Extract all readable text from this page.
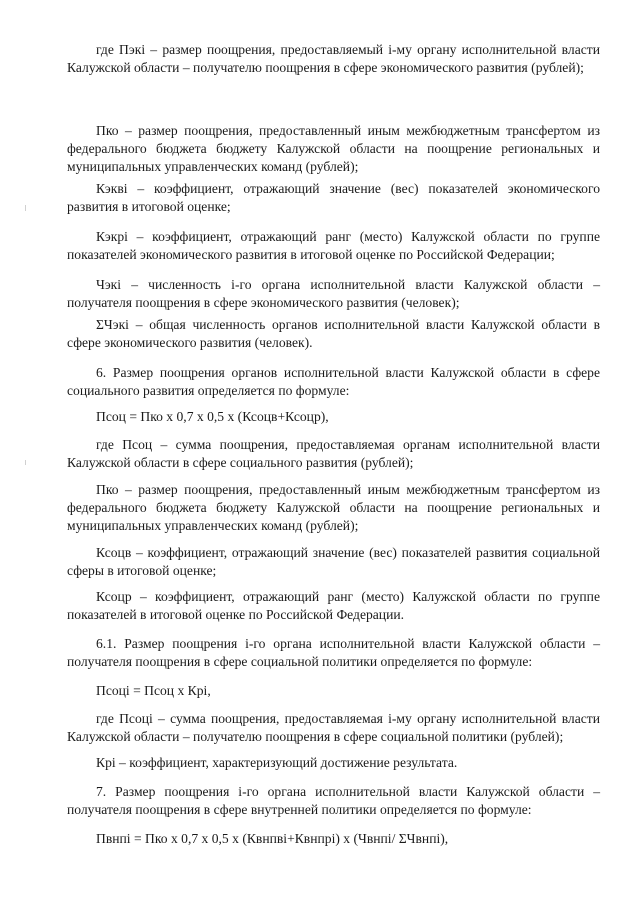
где Пэкі – размер поощрения, предоставляемый і-му органу исполнительной власти Калужской области – получателю поощрения в сфере экономического развития (рублей);

Пко – размер поощрения, предоставленный иным межбюджетным трансфертом из федерального бюджета бюджету Калужской области на поощрение региональных и муниципальных управленческих команд (рублей);

Кэкві – коэффициент, отражающий значение (вес) показателей экономического развития в итоговой оценке;

Кэкрі – коэффициент, отражающий ранг (место) Калужской области по группе показателей экономического развития в итоговой оценке по Российской Федерации;

Чэкі – численность і-го органа исполнительной власти Калужской области – получателя поощрения в сфере экономического развития (человек);

ΣЧэкі – общая численность органов исполнительной власти Калужской области в сфере экономического развития (человек).

6. Размер поощрения органов исполнительной власти Калужской области в сфере социального развития определяется по формуле:

Псоц = Пко х 0,7 х 0,5 х (Ксоцв+Ксоцр),

где Псоц – сумма поощрения, предоставляемая органам исполнительной власти Калужской области в сфере социального развития (рублей);

Пко – размер поощрения, предоставленный иным межбюджетным трансфертом из федерального бюджета бюджету Калужской области на поощрение региональных и муниципальных управленческих команд (рублей);

Ксоцв – коэффициент, отражающий значение (вес) показателей развития социальной сферы в итоговой оценке;

Ксоцр – коэффициент, отражающий ранг (место) Калужской области по группе показателей в итоговой оценке по Российской Федерации.

6.1. Размер поощрения і-го органа исполнительной власти Калужской области – получателя поощрения в сфере социальной политики определяется по формуле:

Псоці = Псоц х Крі,

где Псоці – сумма поощрения, предоставляемая і-му органу исполнительной власти Калужской области – получателю поощрения в сфере социальной политики (рублей);

Крі – коэффициент, характеризующий достижение результата.

7. Размер поощрения і-го органа исполнительной власти Калужской области – получателя поощрения в сфере внутренней политики определяется по формуле:

Пвнпі = Пко х 0,7 х 0,5 х (Квнпві+Квнпрі) х (Чвнпі/ ΣЧвнпі),
